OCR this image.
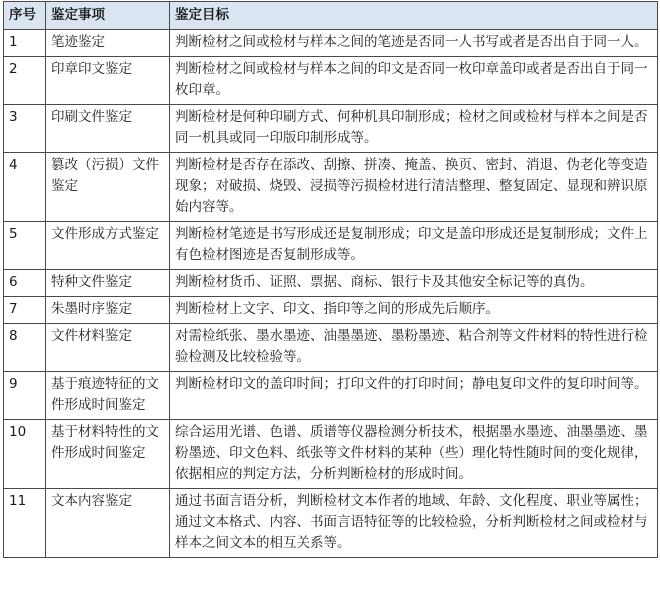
序号	鉴定事项	鉴定目标
1	笔迹鉴定	判断检材之间或检材与样本之间的笔迹是否同一人书写或者是否出自于同一人。
2	印章印文鉴定	判断检材之间或检材与样本之间的印文是否同一枚印章盖印或者是否出自于同一枚印章。
3	印刷文件鉴定	判断检材是何种印刷方式、何种机具印制形成；检材之间或检材与样本之间是否同一机具或同一印版印制形成等。
4	篡改（污损）文件鉴定	判断检材是否存在添改、刮擦、拼凑、掩盖、换页、密封、消退、伪老化等变造现象；对破损、烧毁、浸损等污损检材进行清洁整理、整复固定、显现和辨识原始内容等。
5	文件形成方式鉴定	判断检材笔迹是书写形成还是复制形成；印文是盖印形成还是复制形成；文件上有色检材图迹是否复制形成等。
6	特种文件鉴定	判断检材货币、证照、票据、商标、银行卡及其他安全标记等的真伪。
7	朱墨时序鉴定	判断检材上文字、印文、指印等之间的形成先后顺序。
8	文件材料鉴定	对需检纸张、墨水墨迹、油墨墨迹、墨粉墨迹、粘合剂等文件材料的特性进行检验检测及比较检验等。
9	基于痕迹特征的文件形成时间鉴定	判断检材印文的盖印时间；打印文件的打印时间；静电复印文件的复印时间等。
10	基于材料特性的文件形成时间鉴定	综合运用光谱、色谱、质谱等仪器检测分析技术，根据墨水墨迹、油墨墨迹、墨粉墨迹、印文色料、纸张等文件材料的某种（些）理化特性随时间的变化规律，依据相应的判定方法，分析判断检材的形成时间。
11	文本内容鉴定	通过书面言语分析，判断检材文本作者的地域、年龄、文化程度、职业等属性；通过文本格式、内容、书面言语特征等的比较检验，分析判断检材之间或检材与样本之间文本的相互关系等。
